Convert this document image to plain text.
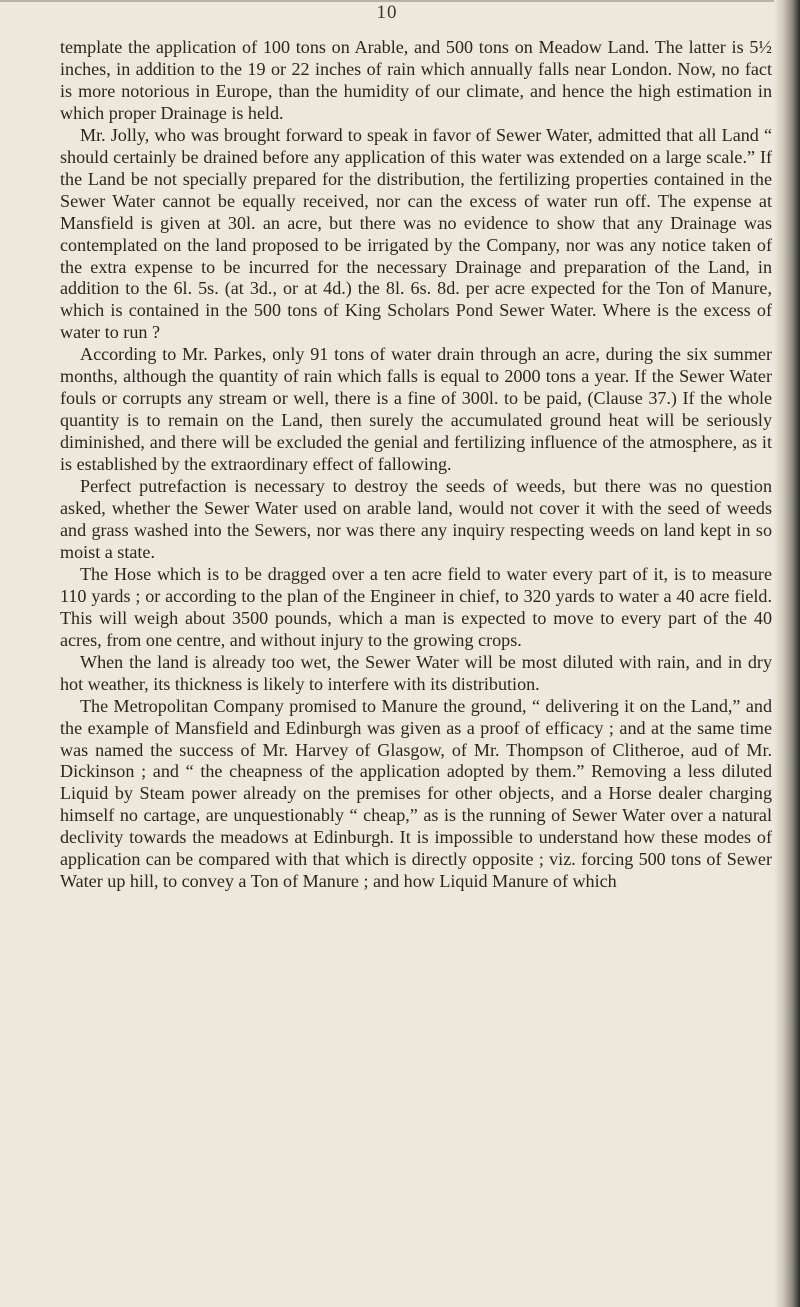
10

template the application of 100 tons on Arable, and 500 tons on Meadow Land. The latter is 5½ inches, in addition to the 19 or 22 inches of rain which annually falls near London. Now, no fact is more notorious in Europe, than the humidity of our climate, and hence the high estimation in which proper Drainage is held.

Mr. Jolly, who was brought forward to speak in favor of Sewer Water, admitted that all Land “ should certainly be drained before any application of this water was extended on a large scale.” If the Land be not specially prepared for the distribution, the fertilizing properties contained in the Sewer Water cannot be equally received, nor can the excess of water run off. The expense at Mansfield is given at 30l. an acre, but there was no evidence to show that any Drainage was contemplated on the land proposed to be irrigated by the Company, nor was any notice taken of the extra expense to be incurred for the necessary Drainage and preparation of the Land, in addition to the 6l. 5s. (at 3d., or at 4d.) the 8l. 6s. 8d. per acre expected for the Ton of Manure, which is contained in the 500 tons of King Scholars Pond Sewer Water. Where is the excess of water to run ?

According to Mr. Parkes, only 91 tons of water drain through an acre, during the six summer months, although the quantity of rain which falls is equal to 2000 tons a year. If the Sewer Water fouls or corrupts any stream or well, there is a fine of 300l. to be paid, (Clause 37.) If the whole quantity is to remain on the Land, then surely the accumulated ground heat will be seriously diminished, and there will be excluded the genial and fertilizing influence of the atmosphere, as it is established by the extraordinary effect of fallowing.

Perfect putrefaction is necessary to destroy the seeds of weeds, but there was no question asked, whether the Sewer Water used on arable land, would not cover it with the seed of weeds and grass washed into the Sewers, nor was there any inquiry respecting weeds on land kept in so moist a state.

The Hose which is to be dragged over a ten acre field to water every part of it, is to measure 110 yards ; or according to the plan of the Engineer in chief, to 320 yards to water a 40 acre field. This will weigh about 3500 pounds, which a man is expected to move to every part of the 40 acres, from one centre, and without injury to the growing crops.

When the land is already too wet, the Sewer Water will be most diluted with rain, and in dry hot weather, its thickness is likely to interfere with its distribution.

The Metropolitan Company promised to Manure the ground, “ delivering it on the Land,” and the example of Mansfield and Edinburgh was given as a proof of efficacy ; and at the same time was named the success of Mr. Harvey of Glasgow, of Mr. Thompson of Clitheroe, aud of Mr. Dickinson ; and “ the cheapness of the application adopted by them.” Removing a less diluted Liquid by Steam power already on the premises for other objects, and a Horse dealer charging himself no cartage, are unquestionably “ cheap,” as is the running of Sewer Water over a natural declivity towards the meadows at Edinburgh. It is impossible to understand how these modes of application can be compared with that which is directly opposite ; viz. forcing 500 tons of Sewer Water up hill, to convey a Ton of Manure ; and how Liquid Manure of which
